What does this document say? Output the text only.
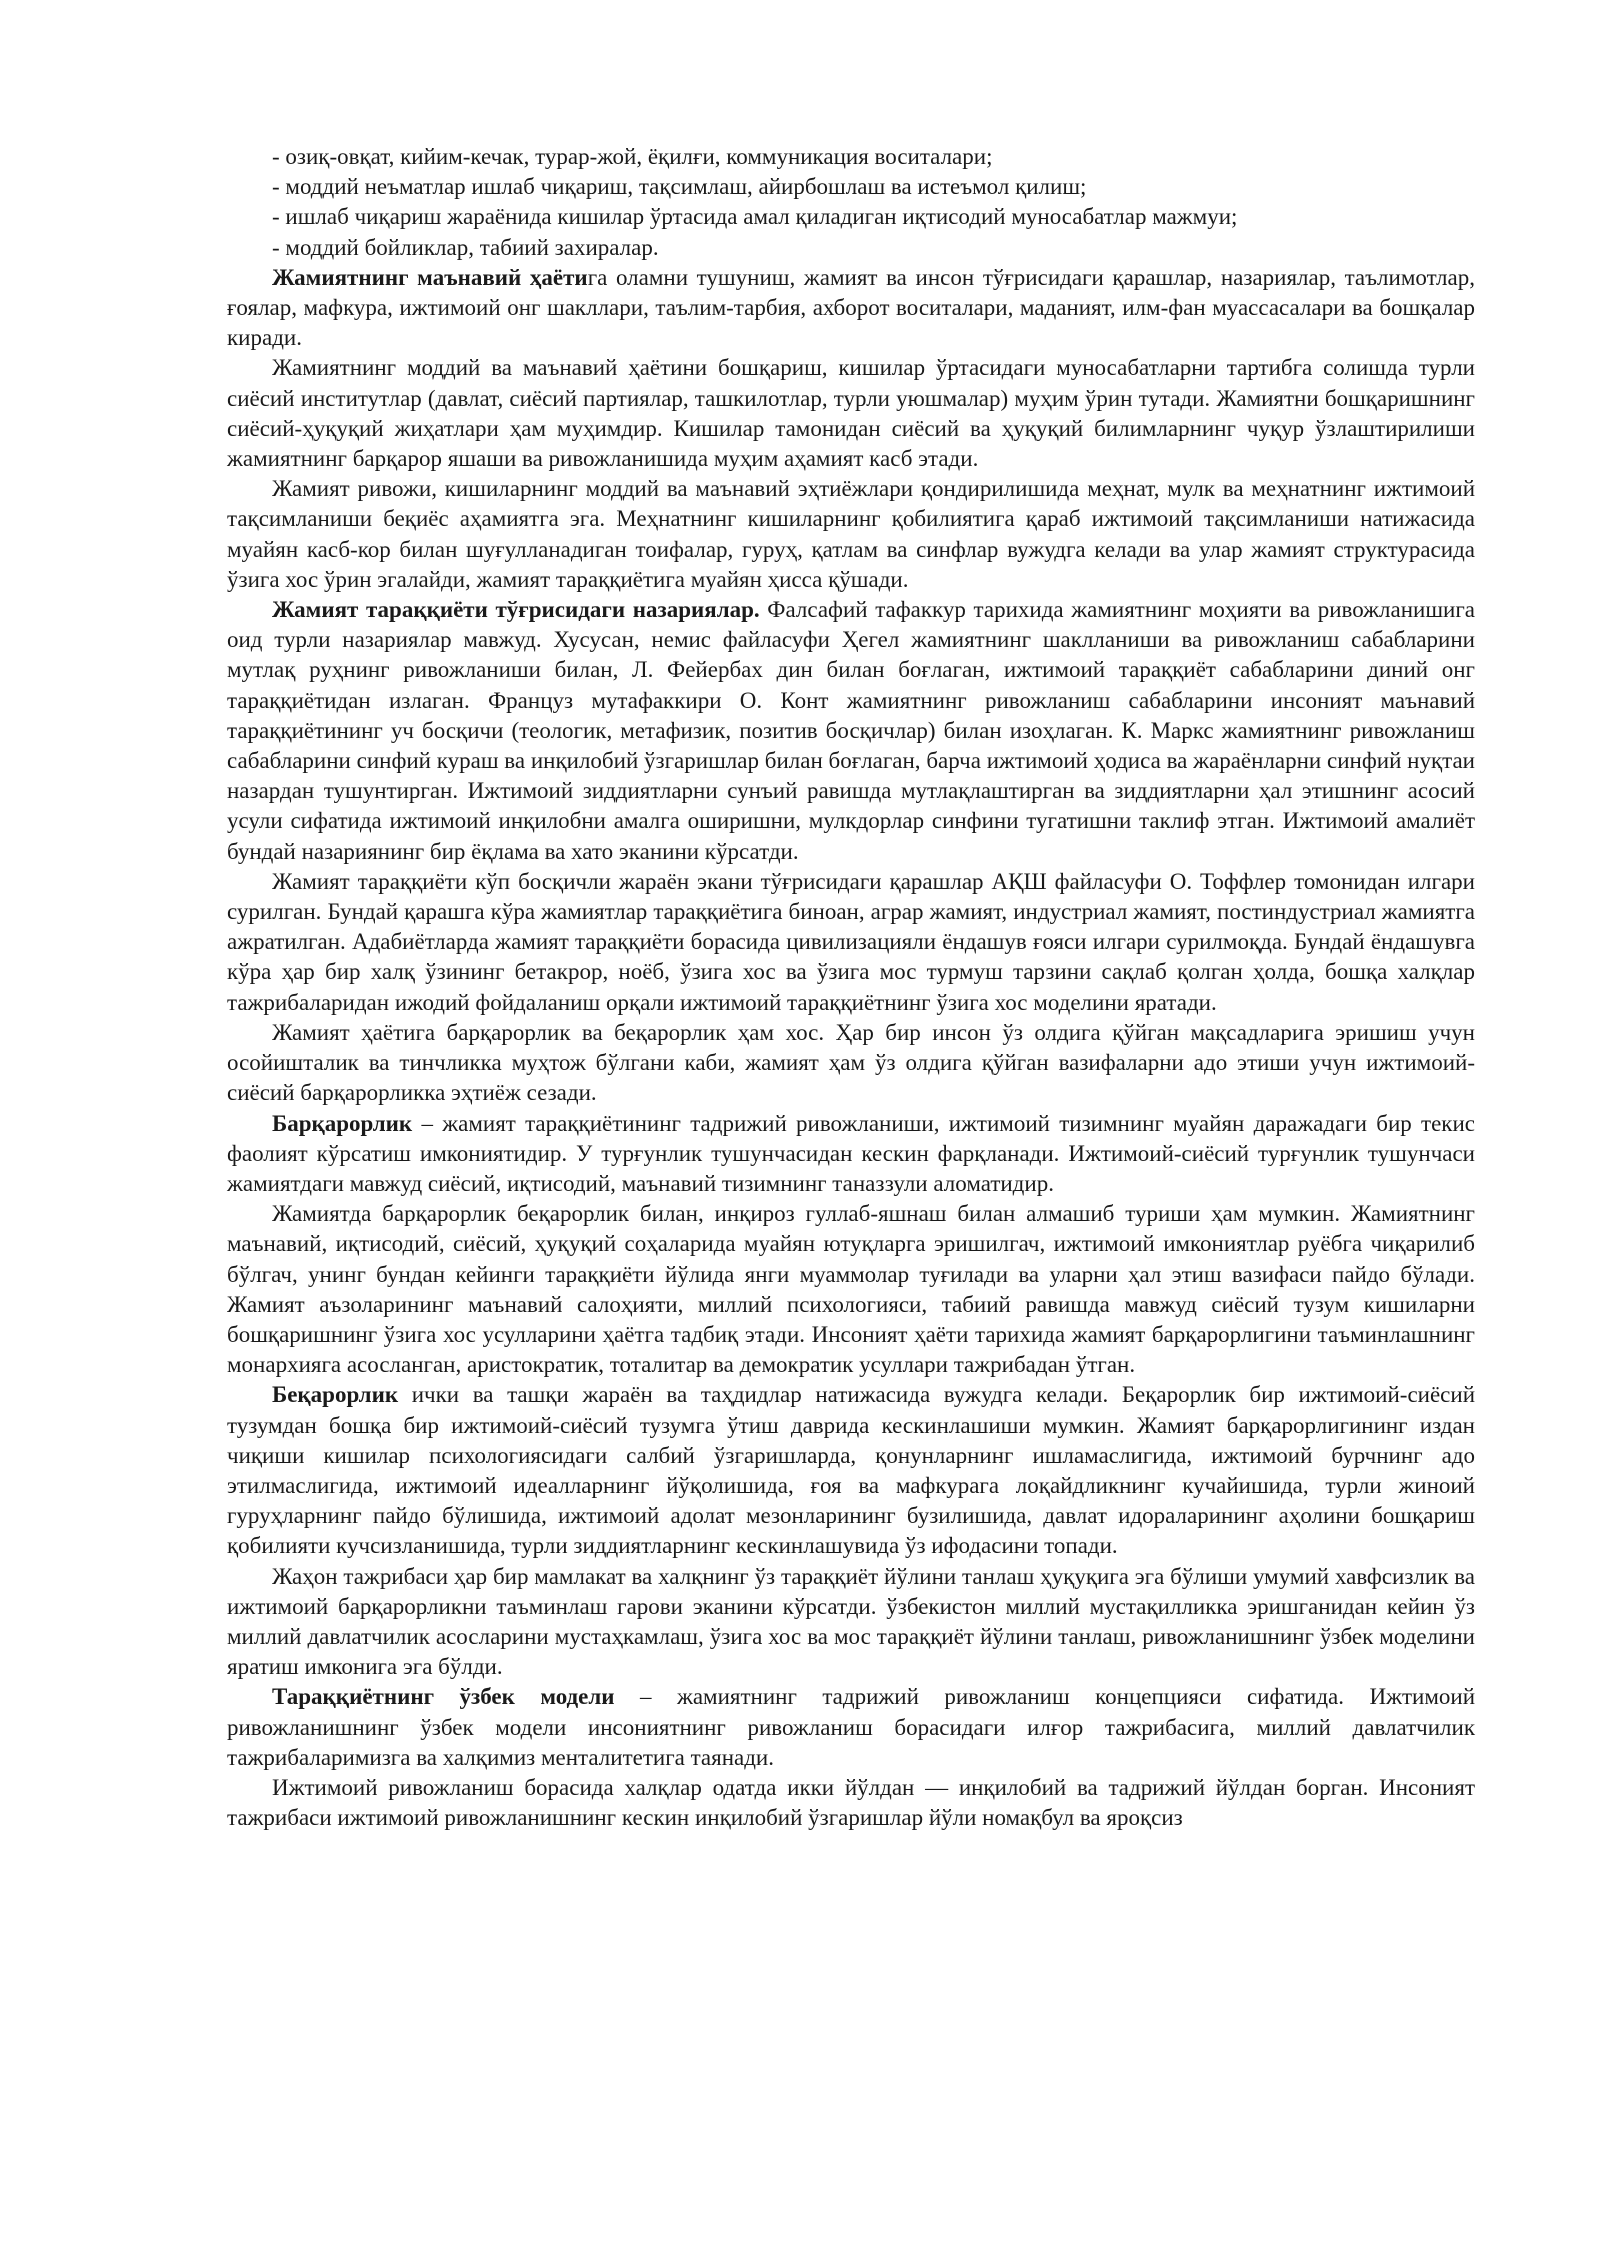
- озиқ-овқат, кийим-кечак, турар-жой, ёқилғи, коммуникация воситалари;

- моддий неъматлар ишлаб чиқариш, тақсимлаш, айирбошлаш ва истеъмол қилиш;

- ишлаб чиқариш жараёнида кишилар ўртасида амал қиладиган иқтисодий муносабатлар мажмуи;

- моддий бойликлар, табиий захиралар.

Жамиятнинг маънавий ҳаётига оламни тушуниш, жамият ва инсон тўғрисидаги қарашлар, назариялар, таълимотлар, ғоялар, мафкура, ижтимоий онг шакллари, таълим-тарбия, ахборот воситалари, маданият, илм-фан муассасалари ва бошқалар киради.

Жамиятнинг моддий ва маънавий ҳаётини бошқариш, кишилар ўртасидаги муносабатларни тартибга солишда турли сиёсий институтлар (давлат, сиёсий партиялар, ташкилотлар, турли уюшмалар) муҳим ўрин тутади. Жамиятни бошқаришнинг сиёсий-ҳуқуқий жиҳатлари ҳам муҳимдир. Кишилар тамонидан сиёсий ва ҳуқуқий билимларнинг чуқур ўзлаштирилиши жамиятнинг барқарор яшаши ва ривожланишида муҳим аҳамият касб этади.

Жамият ривожи, кишиларнинг моддий ва маънавий эҳтиёжлари қондирилишида меҳнат, мулк ва меҳнатнинг ижтимоий тақсимланиши беқиёс аҳамиятга эга. Меҳнатнинг кишиларнинг қобилиятига қараб ижтимоий тақсимланиши натижасида муайян касб-кор билан шуғулланадиган тоифалар, гуруҳ, қатлам ва синфлар вужудга келади ва улар жамият структурасида ўзига хос ўрин эгалайди, жамият тараққиётига муайян ҳисса қўшади.

Жамият тараққиёти тўғрисидаги назариялар. Фалсафий тафаккур тарихида жамиятнинг моҳияти ва ривожланишига оид турли назариялар мавжуд. Хусусан, немис файласуфи Ҳегел жамиятнинг шаклланиши ва ривожланиш сабабларини мутлақ руҳнинг ривожланиши билан, Л. Фейербах дин билан боғлаган, ижтимоий тараққиёт сабабларини диний онг тараққиётидан излаган. Француз мутафаккири О. Конт жамиятнинг ривожланиш сабабларини инсоният маънавий тараққиётининг уч босқичи (теологик, метафизик, позитив босқичлар) билан изоҳлаган. К. Маркс жамиятнинг ривожланиш сабабларини синфий кураш ва инқилобий ўзгаришлар билан боғлаган, барча ижтимоий ҳодиса ва жараёнларни синфий нуқтаи назардан тушунтирган. Ижтимоий зиддиятларни сунъий равишда мутлақлаштирган ва зиддиятларни ҳал этишнинг асосий усули сифатида ижтимоий инқилобни амалга оширишни, мулкдорлар синфини тугатишни таклиф этган. Ижтимоий амалиёт бундай назариянинг бир ёқлама ва хато эканини кўрсатди.

Жамият тараққиёти кўп босқичли жараён экани тўғрисидаги қарашлар АҚШ файласуфи О. Тоффлер томонидан илгари сурилган. Бундай қарашга кўра жамиятлар тараққиётига биноан, аграр жамият, индустриал жамият, постиндустриал жамиятга ажратилган. Адабиётларда жамият тараққиёти борасида цивилизацияли ёндашув ғояси илгари сурилмоқда. Бундай ёндашувга кўра ҳар бир халқ ўзининг бетакрор, ноёб, ўзига хос ва ўзига мос турмуш тарзини сақлаб қолган ҳолда, бошқа халқлар тажрибаларидан ижодий фойдаланиш орқали ижтимоий тараққиётнинг ўзига хос моделини яратади.

Жамият ҳаётига барқарорлик ва беқарорлик ҳам хос. Ҳар бир инсон ўз олдига қўйган мақсадларига эришиш учун осойишталик ва тинчликка муҳтож бўлгани каби, жамият ҳам ўз олдига қўйган вазифаларни адо этиши учун ижтимоий-сиёсий барқарорликка эҳтиёж сезади.

Барқарорлик – жамият тараққиётининг тадрижий ривожланиши, ижтимоий тизимнинг муайян даражадаги бир текис фаолият кўрсатиш имкониятидир. У турғунлик тушунчасидан кескин фарқланади. Ижтимоий-сиёсий турғунлик тушунчаси жамиятдаги мавжуд сиёсий, иқтисодий, маънавий тизимнинг таназзули аломатидир.

Жамиятда барқарорлик беқарорлик билан, инқироз гуллаб-яшнаш билан алмашиб туриши ҳам мумкин. Жамиятнинг маънавий, иқтисодий, сиёсий, ҳуқуқий соҳаларида муайян ютуқларга эришилгач, ижтимоий имкониятлар руёбга чиқарилиб бўлгач, унинг бундан кейинги тараққиёти йўлида янги муаммолар туғилади ва уларни ҳал этиш вазифаси пайдо бўлади. Жамият аъзоларининг маънавий салоҳияти, миллий психологияси, табиий равишда мавжуд сиёсий тузум кишиларни бошқаришнинг ўзига хос усулларини ҳаётга тадбиқ этади. Инсоният ҳаёти тарихида жамият барқарорлигини таъминлашнинг монархияга асосланган, аристократик, тоталитар ва демократик усуллари тажрибадан ўтган.

Беқарорлик ички ва ташқи жараён ва таҳдидлар натижасида вужудга келади. Беқарорлик бир ижтимоий-сиёсий тузумдан бошқа бир ижтимоий-сиёсий тузумга ўтиш даврида кескинлашиши мумкин. Жамият барқарорлигининг издан чиқиши кишилар психологиясидаги салбий ўзгаришларда, қонунларнинг ишламаслигида, ижтимоий бурчнинг адо этилмаслигида, ижтимоий идеалларнинг йўқолишида, ғоя ва мафкурага лоқайдликнинг кучайишида, турли жиноий гуруҳларнинг пайдо бўлишида, ижтимоий адолат мезонларининг бузилишида, давлат идораларининг аҳолини бошқариш қобилияти кучсизланишида, турли зиддиятларнинг кескинлашувида ўз ифодасини топади.

Жаҳон тажрибаси ҳар бир мамлакат ва халқнинг ўз тараққиёт йўлини танлаш ҳуқуқига эга бўлиши умумий хавфсизлик ва ижтимоий барқарорликни таъминлаш гарови эканини кўрсатди. ўзбекистон миллий мустақилликка эришганидан кейин ўз миллий давлатчилик асосларини мустаҳкамлаш, ўзига хос ва мос тараққиёт йўлини танлаш, ривожланишнинг ўзбек моделини яратиш имконига эга бўлди.

Тараққиётнинг ўзбек модели – жамиятнинг тадрижий ривожланиш концепцияси сифатида. Ижтимоий ривожланишнинг ўзбек модели инсониятнинг ривожланиш борасидаги илғор тажрибасига, миллий давлатчилик тажрибаларимизга ва халқимиз менталитетига таянади.

Ижтимоий ривожланиш борасида халқлар одатда икки йўлдан — инқилобий ва тадрижий йўлдан борган. Инсоният тажрибаси ижтимоий ривожланишнинг кескин инқилобий ўзгаришлар йўли номақбул ва яроқсиз
